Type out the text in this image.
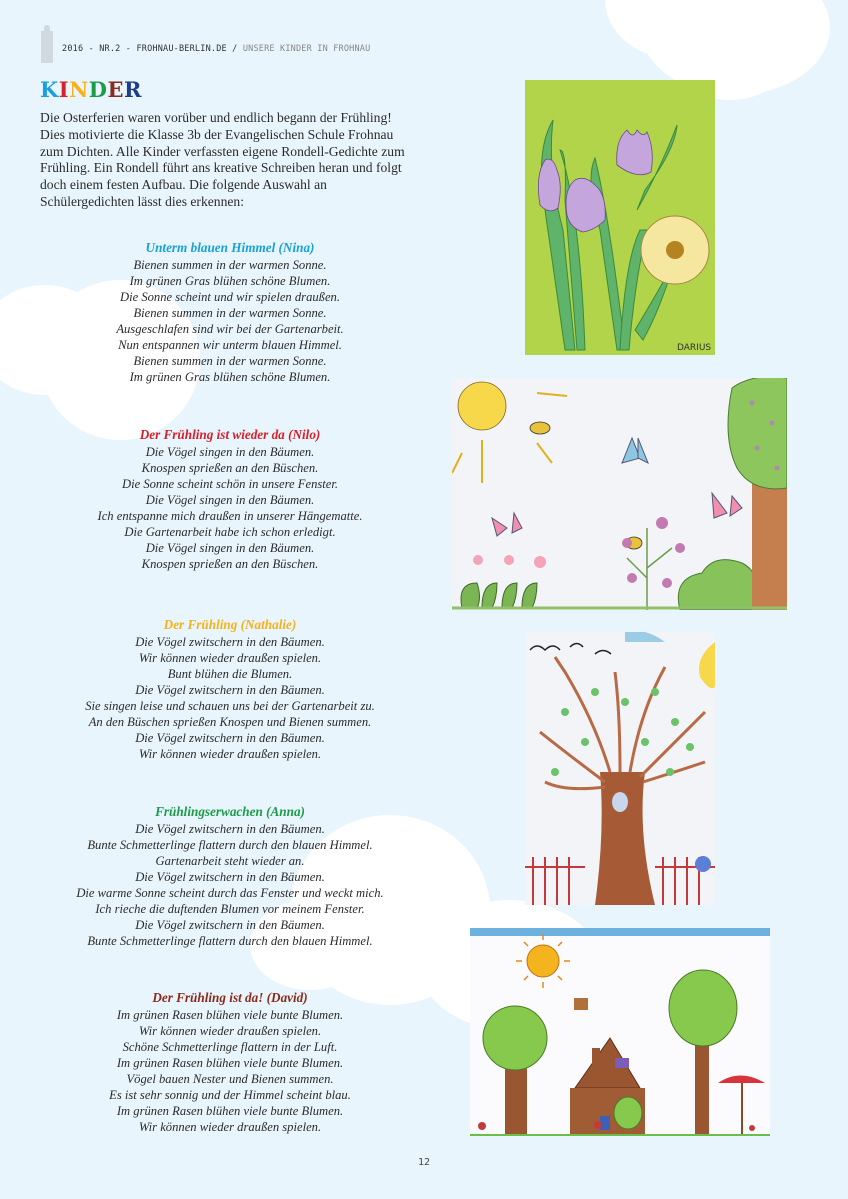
2016 - NR.2 - FROHNAU-BERLIN.DE / UNSERE KINDER IN FROHNAU
KINDER
Die Osterferien waren vorüber und endlich begann der Frühling! Dies motivierte die Klasse 3b der Evangelischen Schule Frohnau zum Dichten. Alle Kinder verfassten eigene Rondell-Gedichte zum Frühling. Ein Rondell führt ans kreative Schreiben heran und folgt doch einem festen Aufbau. Die folgende Auswahl an Schülergedichten lässt dies erkennen:
Unterm blauen Himmel (Nina)
Bienen summen in der warmen Sonne.
Im grünen Gras blühen schöne Blumen.
Die Sonne scheint und wir spielen draußen.
Bienen summen in der warmen Sonne.
Ausgeschlafen sind wir bei der Gartenarbeit.
Nun entspannen wir unterm blauen Himmel.
Bienen summen in der warmen Sonne.
Im grünen Gras blühen schöne Blumen.
Der Frühling ist wieder da (Nilo)
Die Vögel singen in den Bäumen.
Knospen sprießen an den Büschen.
Die Sonne scheint schön in unsere Fenster.
Die Vögel singen in den Bäumen.
Ich entspanne mich draußen in unserer Hängematte.
Die Gartenarbeit habe ich schon erledigt.
Die Vögel singen in den Bäumen.
Knospen sprießen an den Büschen.
Der Frühling (Nathalie)
Die Vögel zwitschern in den Bäumen.
Wir können wieder draußen spielen.
Bunt blühen die Blumen.
Die Vögel zwitschern in den Bäumen.
Sie singen leise und schauen uns bei der Gartenarbeit zu.
An den Büschen sprießen Knospen und Bienen summen.
Die Vögel zwitschern in den Bäumen.
Wir können wieder draußen spielen.
Frühlingserwachen (Anna)
Die Vögel zwitschern in den Bäumen.
Bunte Schmetterlinge flattern durch den blauen Himmel.
Gartenarbeit steht wieder an.
Die Vögel zwitschern in den Bäumen.
Die warme Sonne scheint durch das Fenster und weckt mich.
Ich rieche die duftenden Blumen vor meinem Fenster.
Die Vögel zwitschern in den Bäumen.
Bunte Schmetterlinge flattern durch den blauen Himmel.
Der Frühling ist da! (David)
Im grünen Rasen blühen viele bunte Blumen.
Wir können wieder draußen spielen.
Schöne Schmetterlinge flattern in der Luft.
Im grünen Rasen blühen viele bunte Blumen.
Vögel bauen Nester und Bienen summen.
Es ist sehr sonnig und der Himmel scheint blau.
Im grünen Rasen blühen viele bunte Blumen.
Wir können wieder draußen spielen.
DARIUS
12
